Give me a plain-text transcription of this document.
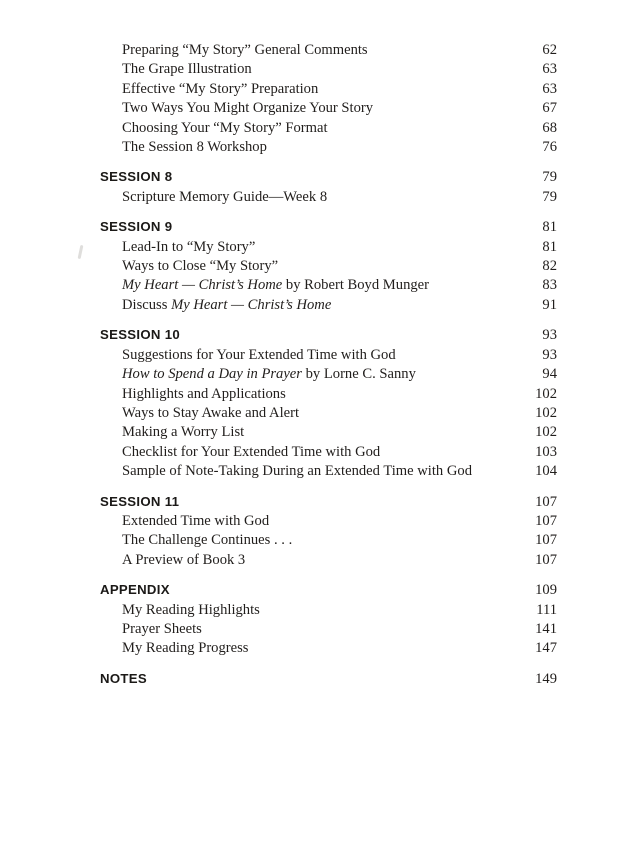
Preparing “My Story” General Comments	62
The Grape Illustration	63
Effective “My Story” Preparation	63
Two Ways You Might Organize Your Story	67
Choosing Your “My Story” Format	68
The Session 8 Workshop	76
SESSION 8	79
Scripture Memory Guide—Week 8	79
SESSION 9	81
Lead-In to “My Story”	81
Ways to Close “My Story”	82
My Heart — Christ’s Home by Robert Boyd Munger	83
Discuss My Heart — Christ’s Home	91
SESSION 10	93
Suggestions for Your Extended Time with God	93
How to Spend a Day in Prayer by Lorne C. Sanny	94
Highlights and Applications	102
Ways to Stay Awake and Alert	102
Making a Worry List	102
Checklist for Your Extended Time with God	103
Sample of Note-Taking During an Extended Time with God	104
SESSION 11	107
Extended Time with God	107
The Challenge Continues . . .	107
A Preview of Book 3	107
APPENDIX	109
My Reading Highlights	111
Prayer Sheets	141
My Reading Progress	147
NOTES	149
